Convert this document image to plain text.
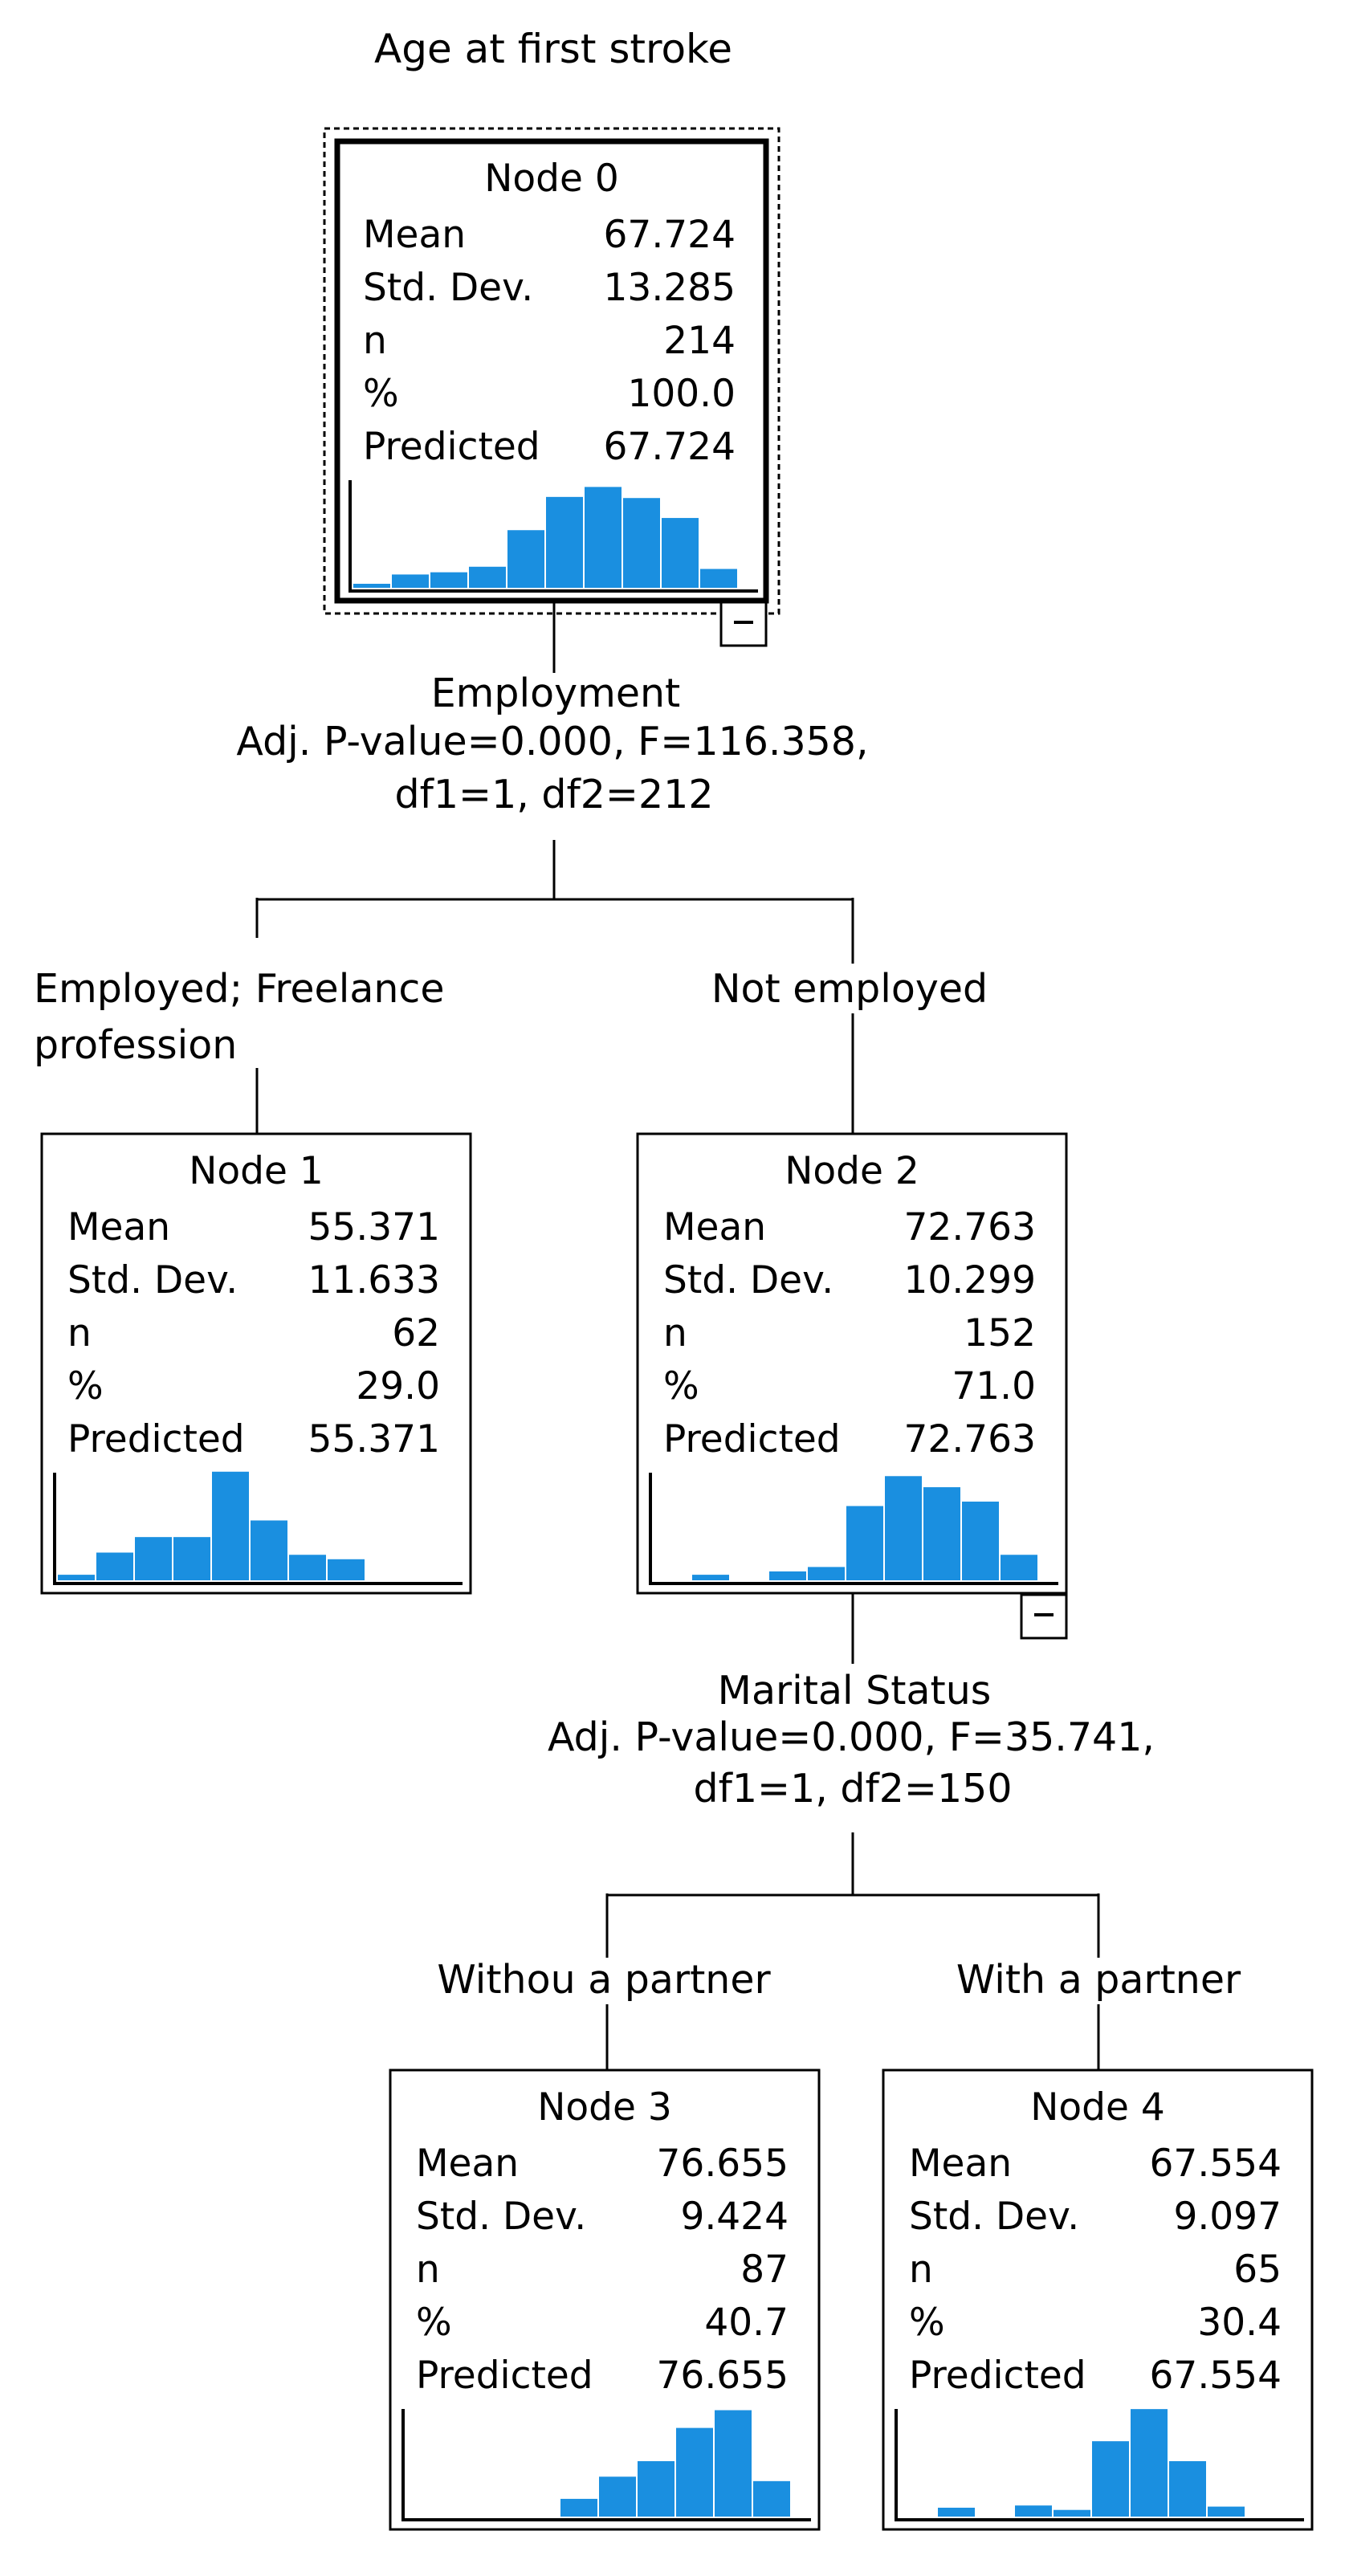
Age at first stroke
Employment
Adj. P-value=0.000, F=116.358,
df1=1, df2=212
Marital Status
Adj. P-value=0.000, F=35.741,
df1=1, df2=150
Employed; Freelance
profession
Not employed
Withou a partner	With a partner
Node 0
Mean	67.724
Std. Dev. 13.285
n	214
%	100.0
Predicted 67.724
Node 1
Mean	55.371
Std. Dev. 11.633
n	62
%	29.0
Predicted 55.371
Node 2
Mean	72.763
Std. Dev. 10.299
n	152
%	71.0
Predicted 72.763
Node 3
Mean	76.655
Std. Dev. 9.424
n	87
%	40.7
Predicted 76.655
Node 4
Mean	67.554
Std. Dev. 9.097
n	65
%	30.4
Predicted 67.554
